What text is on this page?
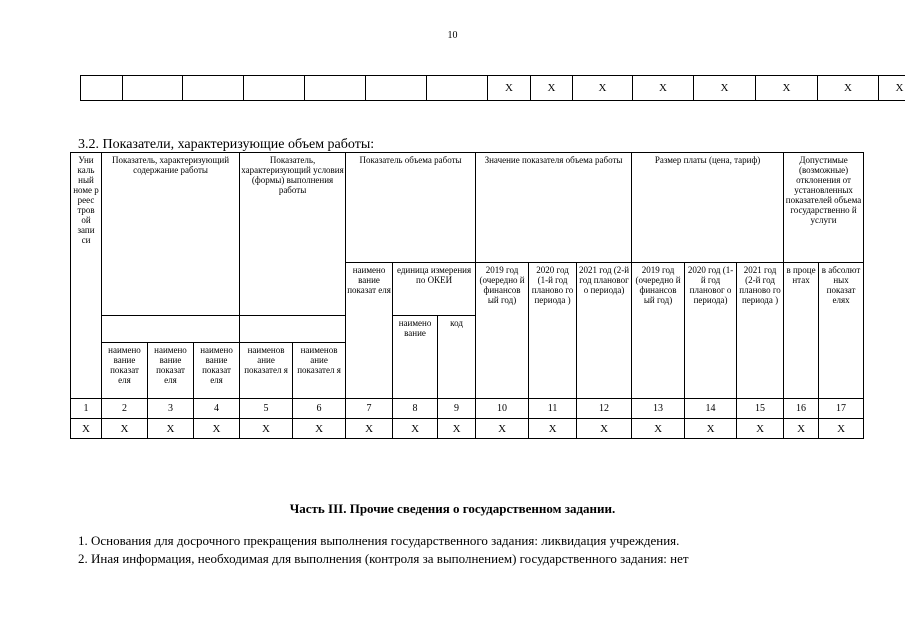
10
							X	X	X	X	X	X	X	X
3.2. Показатели, характеризующие объем работы:
Уни каль ный номе р реес тров ой запи си	Показатель, характеризующий содержание работы			Показатель, характеризующий условия (формы) выполнения работы		Показатель объема работы			Значение показателя объема работы			Размер платы (цена, тариф)			Допустимые (возможные) отклонения от установленных показателей объема государственно й услуги	
						наимено вание показат еля	единица измерения по ОКЕИ		2019 год (очередно й финансов ый год)	2020 год (1-й год планово го периода )	2021 год (2-й год плановог о периода)	2019 год (очередно й финансов ый год)	2020 год (1-й год плановог о периода)	2021 год (2-й год планово го периода )	в проце нтах	в абсолют ных показат елях
							наимено вание	код								
	наимено вание показат еля	наимено вание показат еля	наимено вание показат еля	наименов ание показател я	наименов ание показател я											
1	2	3	4	5	6	7	8	9	10	11	12	13	14	15	16	17
X	X	X	X	X	X	X	X	X	X	X	X	X	X	X	X	X
Часть III. Прочие сведения о государственном задании.
1. Основания для досрочного прекращения выполнения государственного задания: ликвидация учреждения.
2. Иная информация, необходимая для выполнения (контроля за выполнением) государственного задания: нет
